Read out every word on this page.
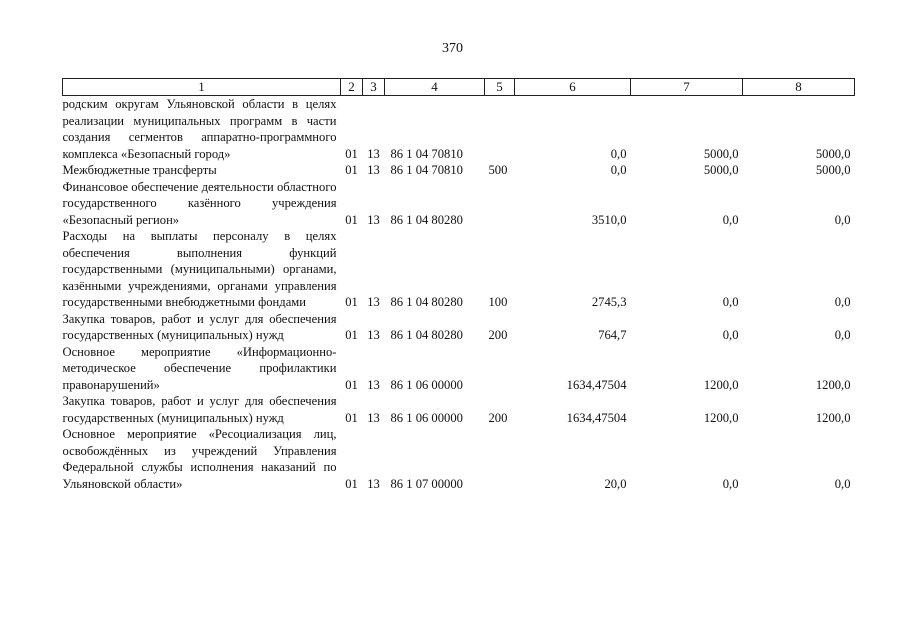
370
1	2	3	4	5	6	7	8
родским округам Ульяновской области в целях реализации муниципальных программ в части создания сегментов аппаратно-программного комплекса «Безопасный город»	01	13	86 1 04 70810		0,0	5000,0	5000,0
Межбюджетные трансферты	01	13	86 1 04 70810	500	0,0	5000,0	5000,0
Финансовое обеспечение деятельности областного государственного казённого учреждения «Безопасный регион»	01	13	86 1 04 80280		3510,0	0,0	0,0
Расходы на выплаты персоналу в целях обеспечения выполнения функций государственными (муниципальными) органами, казёнными учреждениями, органами управления государственными внебюджетными фондами	01	13	86 1 04 80280	100	2745,3	0,0	0,0
Закупка товаров, работ и услуг для обеспечения государственных (муниципальных) нужд	01	13	86 1 04 80280	200	764,7	0,0	0,0
Основное мероприятие «Информационно-методическое обеспечение профилактики правонарушений»	01	13	86 1 06 00000		1634,47504	1200,0	1200,0
Закупка товаров, работ и услуг для обеспечения государственных (муниципальных) нужд	01	13	86 1 06 00000	200	1634,47504	1200,0	1200,0
Основное мероприятие «Ресоциализация лиц, освобождённых из учреждений Управления Федеральной службы исполнения наказаний по Ульяновской области»	01	13	86 1 07 00000		20,0	0,0	0,0
